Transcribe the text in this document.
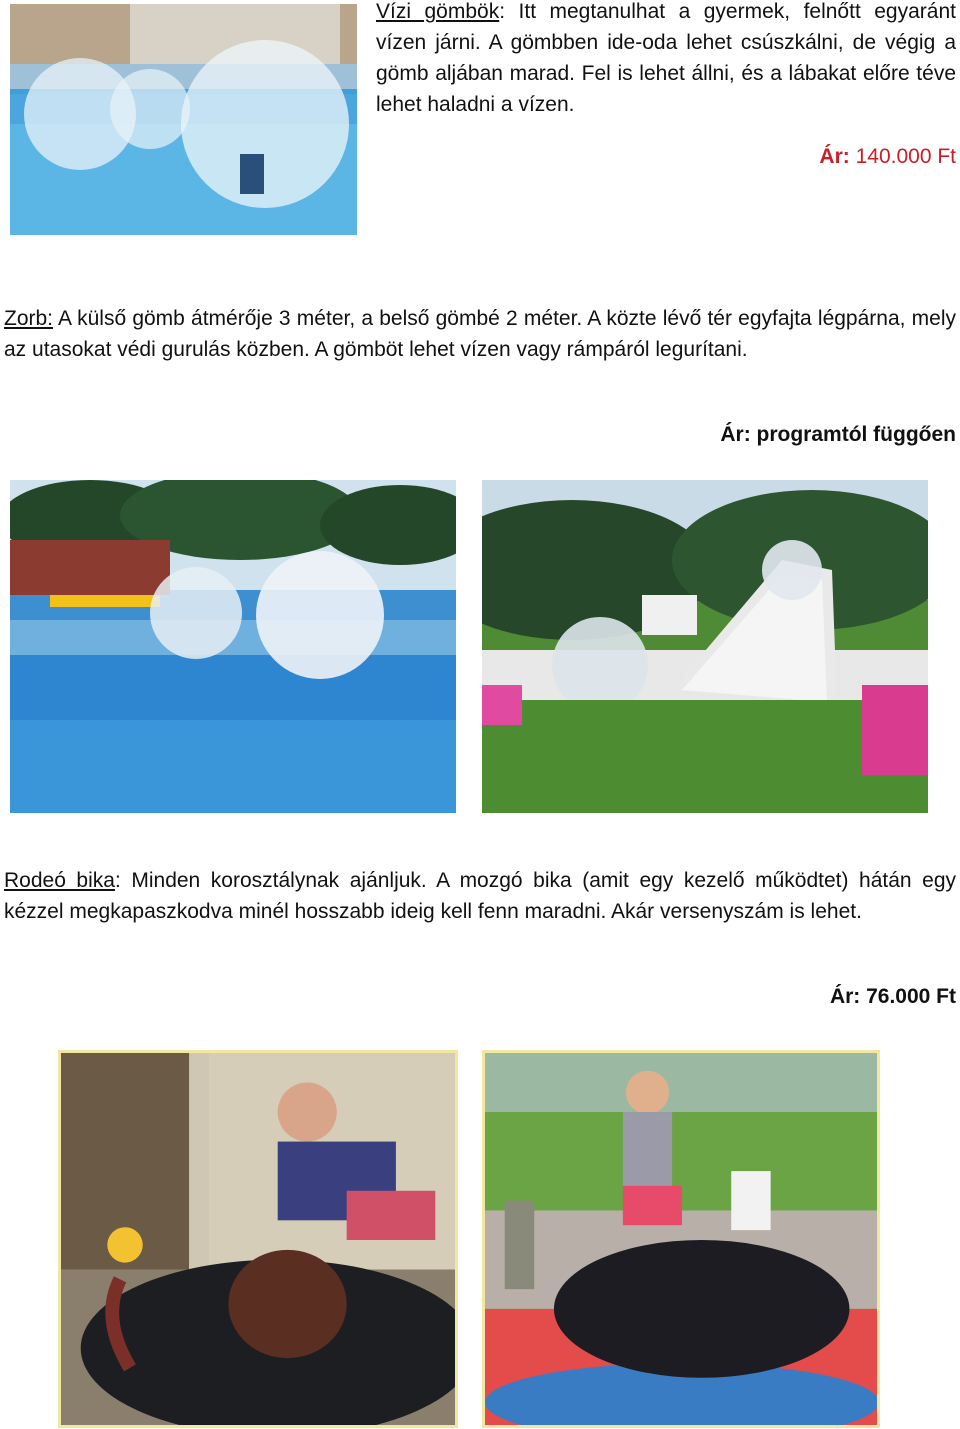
Vízi gömbök: Itt megtanulhat a gyermek, felnőtt egyaránt vízen járni. A gömbben ide-oda lehet csúszkálni, de végig a gömb aljában marad. Fel is lehet állni, és a lábakat előre téve lehet haladni a vízen.
Ár: 140.000 Ft
Zorb: A külső gömb átmérője 3 méter, a belső gömbé 2 méter. A közte lévő tér egyfajta légpárna, mely az utasokat védi gurulás közben. A gömböt lehet vízen vagy rámpáról legurítani.
Ár: programtól függően
Rodeó bika: Minden korosztálynak ajánljuk. A mozgó bika (amit egy kezelő működtet) hátán egy kézzel megkapaszkodva minél hosszabb ideig kell fenn maradni. Akár versenyszám is lehet.
Ár: 76.000 Ft
